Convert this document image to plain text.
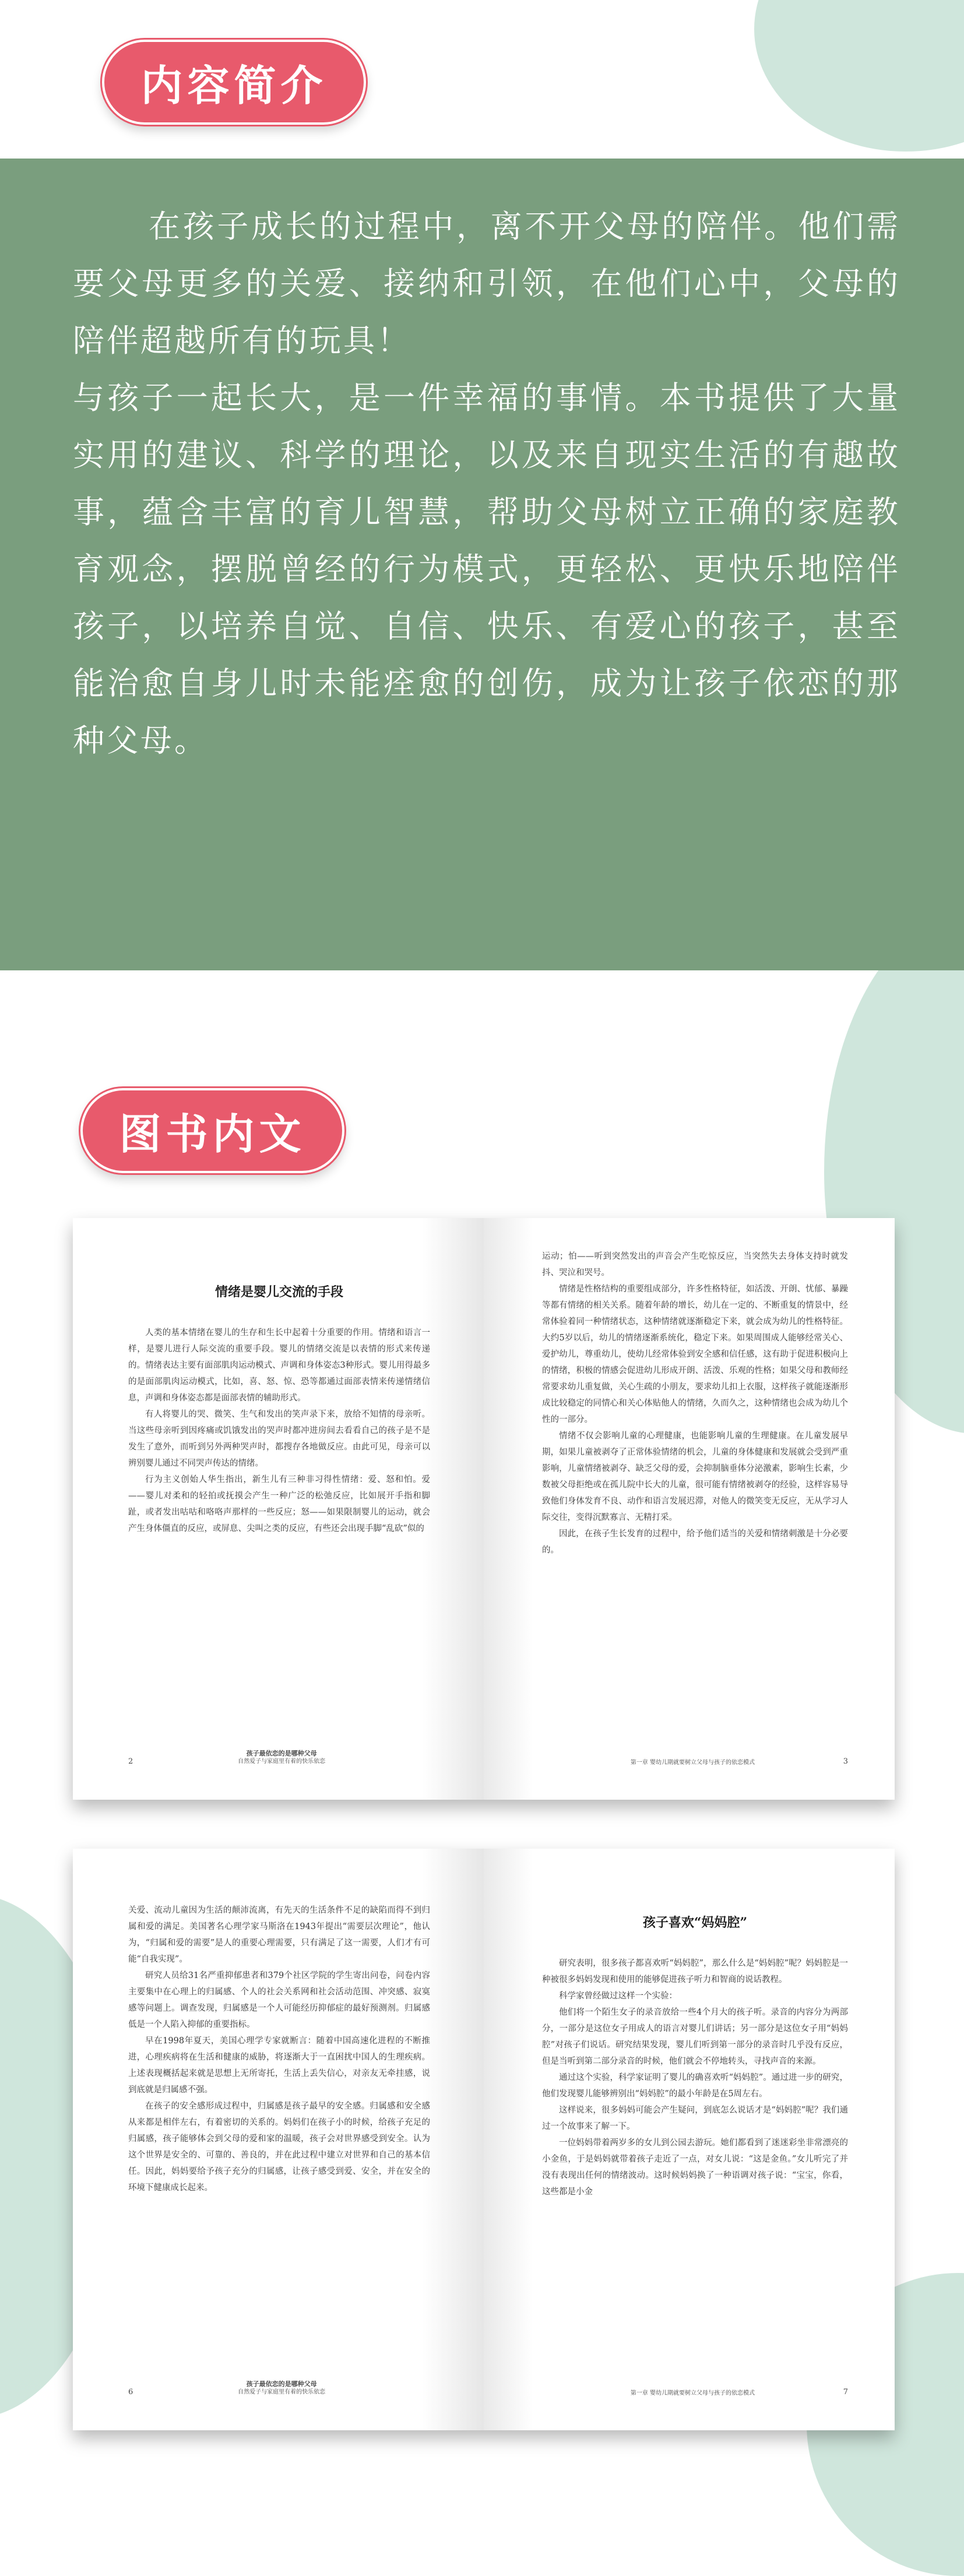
内容简介

在孩子成长的过程中，离不开父母的陪伴。他们需要父母更多的关爱、接纳和引领，在他们心中，父母的陪伴超越所有的玩具！

与孩子一起长大，是一件幸福的事情。本书提供了大量实用的建议、科学的理论，以及来自现实生活的有趣故事，蕴含丰富的育儿智慧，帮助父母树立正确的家庭教育观念，摆脱曾经的行为模式，更轻松、更快乐地陪伴孩子，以培养自觉、自信、快乐、有爱心的孩子，甚至能治愈自身儿时未能痊愈的创伤，成为让孩子依恋的那种父母。

图书内文
情绪是婴儿交流的手段

人类的基本情绪在婴儿的生存和生长中起着十分重要的作用。情绪和语言一样，是婴儿进行人际交流的重要手段。婴儿的情绪交流是以表情的形式来传递的。情绪表达主要有面部肌肉运动模式、声调和身体姿态3种形式。婴儿用得最多的是面部肌肉运动模式，比如，喜、怒、惊、恐等都通过面部表情来传递情绪信息，声调和身体姿态都是面部表情的辅助形式。

有人将婴儿的哭、微笑、生气和发出的笑声录下来，放给不知情的母亲听。当这些母亲听到因疼痛或饥饿发出的哭声时都冲进房间去看看自己的孩子是不是发生了意外，而听到另外两种哭声时，都搜存各地做反应。由此可见，母亲可以辨别婴儿通过不同哭声传达的情绪。

行为主义创始人华生指出，新生儿有三种非习得性情绪：爱、怒和怕。爱——婴儿对柔和的轻拍或抚摸会产生一种广泛的松弛反应，比如展开手指和脚趾，或者发出咕咕和咯咯声那样的一些反应；怒——如果限制婴儿的运动，就会产生身体僵直的反应，或屏息、尖叫之类的反应，有些还会出现手脚“乱砍”似的

2
孩子最依恋的是哪种父母
自然爱子与家庭里有着的快乐依恋

运动；怕——听到突然发出的声音会产生吃惊反应，当突然失去身体支持时就发抖、哭泣和哭号。

情绪是性格结构的重要组成部分，许多性格特征，如活泼、开朗、忧郁、暴躁等都有情绪的相关关系。随着年龄的增长，幼儿在一定的、不断重复的情景中，经常体验着同一种情绪状态，这种情绪就逐渐稳定下来，就会成为幼儿的性格特征。大约5岁以后，幼儿的情绪逐渐系统化，稳定下来。如果周围成人能够经常关心、爱护幼儿，尊重幼儿，使幼儿经常体验到安全感和信任感，这有助于促进积极向上的情绪，积极的情感会促进幼儿形成开朗、活泼、乐观的性格；如果父母和教师经常要求幼儿重复做，关心生疏的小朋友，要求幼儿扣上衣服，这样孩子就能逐渐形成比较稳定的同情心和关心体贴他人的情绪，久而久之，这种情绪也会成为幼儿个性的一部分。

情绪不仅会影响儿童的心理健康，也能影响儿童的生理健康。在儿童发展早期，如果儿童被剥夺了正常体验情绪的机会，儿童的身体健康和发展就会受到严重影响，儿童情绪被剥夺、缺乏父母的爱，会抑制脑垂体分泌激素，影响生长素，少数被父母拒绝或在孤儿院中长大的儿童，很可能有情绪被剥夺的经验，这样容易导致他们身体发育不良、动作和语言发展迟滞，对他人的微笑变无反应，无从学习人际交往，变得沉默寡言、无精打采。

因此，在孩子生长发育的过程中，给予他们适当的关爱和情绪刺激是十分必要的。

第一章 婴幼儿期就要树立父母与孩子的依恋模式	3

关爱、流动儿童因为生活的颠沛流离，有先天的生活条件不足的缺陷而得不到归属和爱的满足。美国著名心理学家马斯洛在1943年提出“需要层次理论”，他认为，“归属和爱的需要”是人的重要心理需要，只有满足了这一需要，人们才有可能“自我实现”。

研究人员给31名严重抑郁患者和379个社区学院的学生寄出问卷，问卷内容主要集中在心理上的归属感、个人的社会关系网和社会活动范围、冲突感、寂寞感等问题上。调查发现，归属感是一个人可能经历抑郁症的最好预测剂。归属感低是一个人陷入抑郁的重要指标。

早在1998年夏天，美国心理学专家就断言：随着中国高速化进程的不断推进，心理疾病将在生活和健康的威胁，将逐渐大于一直困扰中国人的生理疾病。上述表现概括起来就是思想上无所寄托，生活上丢失信心，对亲友无牵挂感，说到底就是归属感不强。

在孩子的安全感形成过程中，归属感是孩子最早的安全感。归属感和安全感从来都是相伴左右，有着密切的关系的。妈妈们在孩子小的时候，给孩子充足的归属感，孩子能够体会到父母的爱和家的温暖，孩子会对世界感受到安全。认为这个世界是安全的、可靠的、善良的，并在此过程中建立对世界和自己的基本信任。因此，妈妈要给予孩子充分的归属感，让孩子感受到爱、安全，并在安全的环境下健康成长起来。

6
孩子最依恋的是哪种父母
自然爱子与家庭里有着的快乐依恋
孩子喜欢“妈妈腔”

研究表明，很多孩子都喜欢听“妈妈腔”，那么什么是“妈妈腔”呢？妈妈腔是一种被很多妈妈发现和使用的能够促进孩子听力和智商的说话教程。

科学家曾经做过这样一个实验：

他们将一个陌生女子的录音放给一些4个月大的孩子听。录音的内容分为两部分，一部分是这位女子用成人的语言对婴儿们讲话；另一部分是这位女子用“妈妈腔”对孩子们说话。研究结果发现，婴儿们听到第一部分的录音时几乎没有反应，但是当听到第二部分录音的时候，他们就会不停地转头，寻找声音的来源。

通过这个实验，科学家证明了婴儿的确喜欢听“妈妈腔”。通过进一步的研究，他们发现婴儿能够辨别出“妈妈腔”的最小年龄是在5周左右。

这样说来，很多妈妈可能会产生疑问，到底怎么说话才是“妈妈腔”呢？我们通过一个故事来了解一下。

一位妈妈带着两岁多的女儿到公园去游玩。她们都看到了迷迷彩坐非常漂亮的小金鱼，于是妈妈就带着孩子走近了一点，对女儿说：“这是金鱼。”女儿听完了并没有表现出任何的情绪波动。这时候妈妈换了一种语调对孩子说：“宝宝，你看，这些都是小金

第一章 婴幼儿期就要树立父母与孩子的依恋模式	7
